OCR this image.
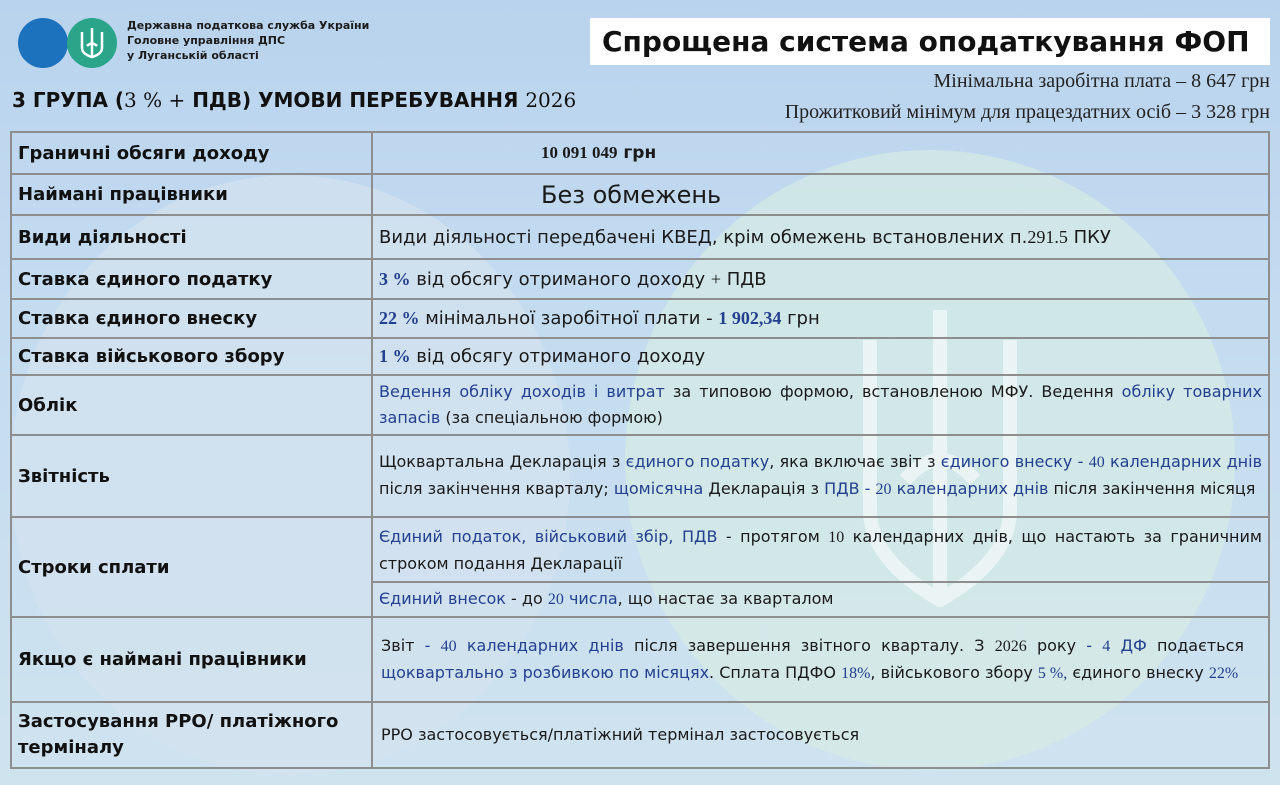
Державна податкова служба України
Головне управління ДПС
у Луганській області	Спрощена система оподаткування ФОП
3 ГРУПА (3 % + ПДВ) УМОВИ ПЕРЕБУВАННЯ 2026
Мінімальна заробітна плата – 8 647 грн
Прожитковий мінімум для працездатних осіб – 3 328 грн
Граничні обсяги доходу	10 091 049 грн
Наймані працівники	Без обмежень
Види діяльності	Види діяльності передбачені КВЕД, крім обмежень встановлених п.291.5 ПКУ
Ставка єдиного податку	3 % від обсягу отриманого доходу + ПДВ
Ставка єдиного внеску	22 % мінімальної заробітної плати - 1 902,34 грн
Ставка військового збору	1 % від обсягу отриманого доходу
Облік	Ведення обліку доходів і витрат за типовою формою, встановленою МФУ. Ведення обліку товарних запасів (за спеціальною формою)
Звітність	Щоквартальна Декларація з єдиного податку, яка включає звіт з єдиного внеску - 40 календарних днів після закінчення кварталу; щомісячна Декларація з ПДВ - 20 календарних днів після закінчення місяця
Строки сплати	Єдиний податок, військовий збір, ПДВ - протягом 10 календарних днів, що настають за граничним строком подання Декларації
	Єдиний внесок - до 20 числа, що настає за кварталом
Якщо є наймані працівники	Звіт - 40 календарних днів після завершення звітного кварталу. З 2026 року - 4 ДФ подається щоквартально з розбивкою по місяцях. Сплата ПДФО 18%, військового збору 5 %, єдиного внеску 22%
Застосування РРО/ платіжного терміналу	РРО застосовується/платіжний термінал застосовується
